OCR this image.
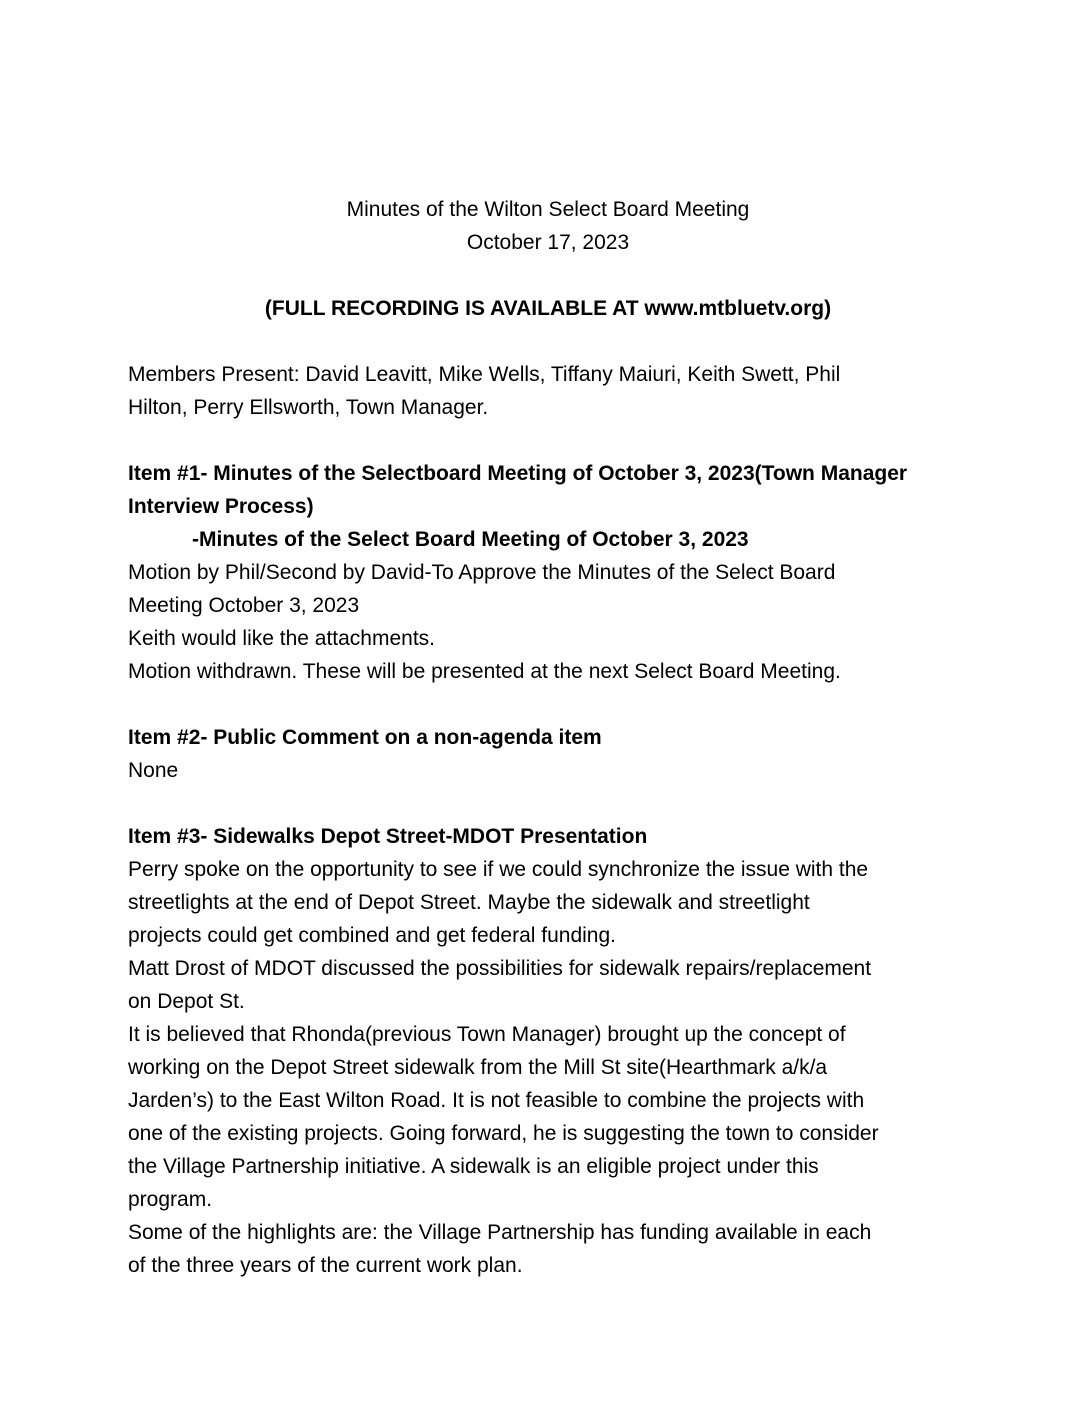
Minutes of the Wilton Select Board Meeting
October 17, 2023
(FULL RECORDING IS AVAILABLE AT www.mtbluetv.org)
Members Present: David Leavitt, Mike Wells, Tiffany Maiuri, Keith Swett, Phil
Hilton, Perry Ellsworth, Town Manager.
Item #1- Minutes of the Selectboard Meeting of October 3, 2023(Town Manager
Interview Process)
-Minutes of the Select Board Meeting of October 3, 2023
Motion by Phil/Second by David-To Approve the Minutes of the Select Board
Meeting October 3, 2023
Keith would like the attachments.
Motion withdrawn. These will be presented at the next Select Board Meeting.
Item #2- Public Comment on a non-agenda item
None
Item #3- Sidewalks Depot Street-MDOT Presentation
Perry spoke on the opportunity to see if we could synchronize the issue with the
streetlights at the end of Depot Street. Maybe the sidewalk and streetlight
projects could get combined and get federal funding.
Matt Drost of MDOT discussed the possibilities for sidewalk repairs/replacement
on Depot St.
It is believed that Rhonda(previous Town Manager) brought up the concept of
working on the Depot Street sidewalk from the Mill St site(Hearthmark a/k/a
Jarden’s) to the East Wilton Road. It is not feasible to combine the projects with
one of the existing projects. Going forward, he is suggesting the town to consider
the Village Partnership initiative. A sidewalk is an eligible project under this
program.
Some of the highlights are: the Village Partnership has funding available in each
of the three years of the current work plan.
